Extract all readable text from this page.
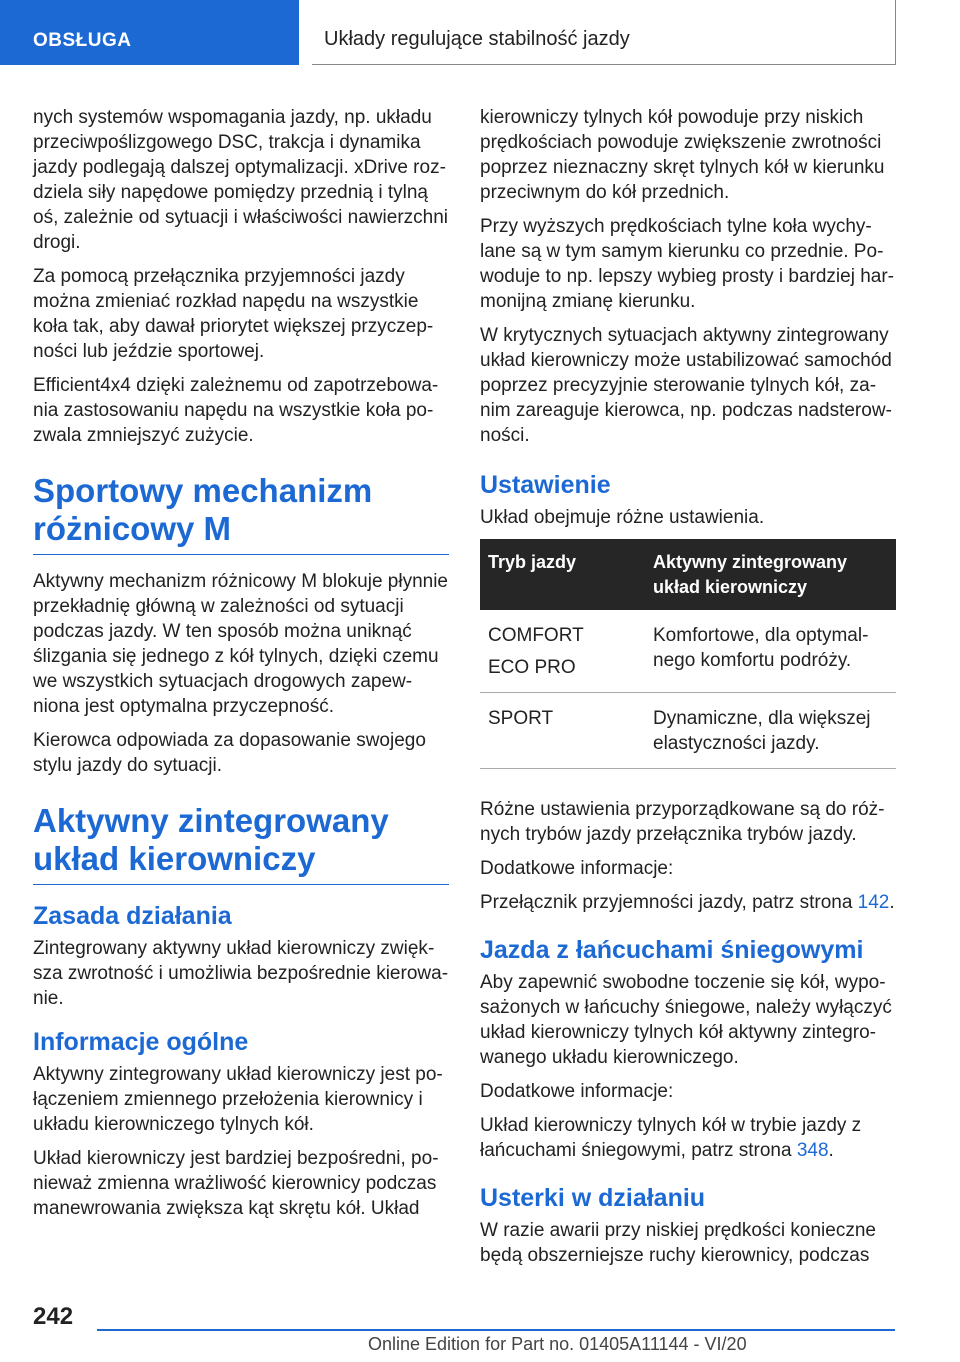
OBSŁUGA	Układy regulujące stabilność jazdy

nych systemów wspomagania jazdy, np. układu przeciwpoślizgowego DSC, trakcja i dynamika jazdy podlegają dalszej optymalizacji. xDrive rozdziela siły napędowe pomiędzy przednią i tylną oś, zależnie od sytuacji i właściwości nawierzchni drogi.

Za pomocą przełącznika przyjemności jazdy można zmieniać rozkład napędu na wszystkie koła tak, aby dawał priorytet większej przyczepności lub jeździe sportowej.

Efficient4x4 dzięki zależnemu od zapotrzebowania zastosowaniu napędu na wszystkie koła pozwala zmniejszyć zużycie.

Sportowy mechanizm różnicowy M

Aktywny mechanizm różnicowy M blokuje płynnie przekładnię główną w zależności od sytuacji podczas jazdy. W ten sposób można uniknąć ślizgania się jednego z kół tylnych, dzięki czemu we wszystkich sytuacjach drogowych zapewniona jest optymalna przyczepność.

Kierowca odpowiada za dopasowanie swojego stylu jazdy do sytuacji.

Aktywny zintegrowany układ kierowniczy
Zasada działania

Zintegrowany aktywny układ kierowniczy zwiększa zwrotność i umożliwia bezpośrednie kierowanie.

Informacje ogólne

Aktywny zintegrowany układ kierowniczy jest połączeniem zmiennego przełożenia kierownicy i układu kierowniczego tylnych kół.

Układ kierowniczy jest bardziej bezpośredni, ponieważ zmienna wrażliwość kierownicy podczas manewrowania zwiększa kąt skrętu kół. Układ

kierowniczy tylnych kół powoduje przy niskich prędkościach powoduje zwiększenie zwrotności poprzez nieznaczny skręt tylnych kół w kierunku przeciwnym do kół przednich.

Przy wyższych prędkościach tylne koła wychylane są w tym samym kierunku co przednie. Powoduje to np. lepszy wybieg prosty i bardziej harmonijną zmianę kierunku.

W krytycznych sytuacjach aktywny zintegrowany układ kierowniczy może ustabilizować samochód poprzez precyzyjnie sterowanie tylnych kół, zanim zareaguje kierowca, np. podczas nadsterowności.

Ustawienie

Układ obejmuje różne ustawienia.

Tryb jazdy	Aktywny zintegrowany układ kierowniczy

COMFORT
ECO PRO	Komfortowe, dla optymalnego komfortu podróży.

SPORT	Dynamiczne, dla większej elastyczności jazdy.

Różne ustawienia przyporządkowane są do różnych trybów jazdy przełącznika trybów jazdy.

Dodatkowe informacje:

Przełącznik przyjemności jazdy, patrz strona 142.

Jazda z łańcuchami śniegowymi

Aby zapewnić swobodne toczenie się kół, wyposażonych w łańcuchy śniegowe, należy wyłączyć układ kierowniczy tylnych kół aktywny zintegrowanego układu kierowniczego.

Dodatkowe informacje:

Układ kierowniczy tylnych kół w trybie jazdy z łańcuchami śniegowymi, patrz strona 348.

Usterki w działaniu

W razie awarii przy niskiej prędkości konieczne będą obszerniejsze ruchy kierownicy, podczas

242
Online Edition for Part no. 01405A11144 - VI/20
